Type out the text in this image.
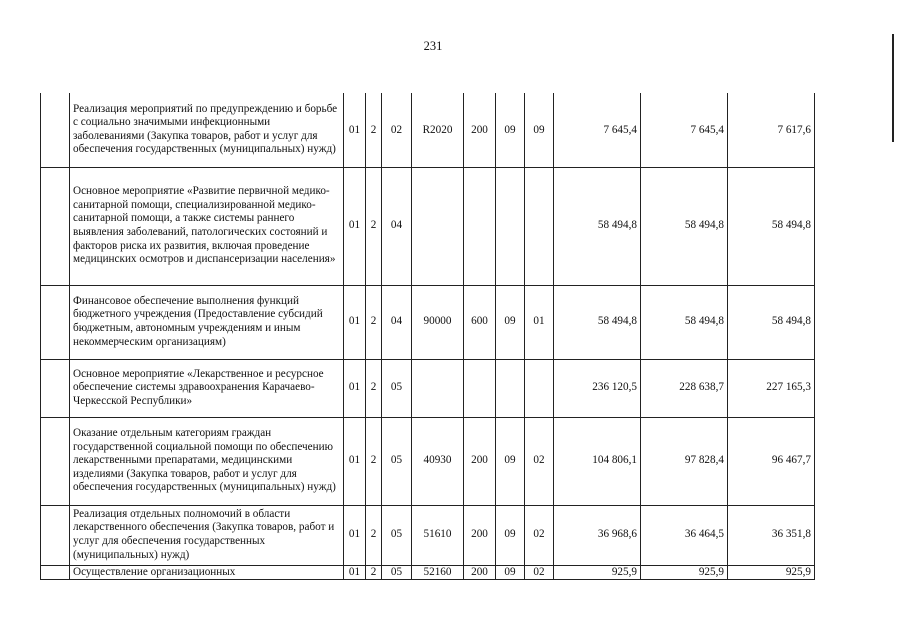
231
	Реализация мероприятий по предупреждению и борьбе с социально значимыми инфекционными заболеваниями (Закупка товаров, работ и услуг для обеспечения государственных (муниципальных) нужд)	01	2	02	R2020	200	09	09	7 645,4	7 645,4	7 617,6
	Основное мероприятие «Развитие первичной медико-санитарной помощи, специализированной медико-санитарной помощи, а также системы раннего выявления заболеваний, патологических состояний и факторов риска их развития, включая проведение медицинских осмотров и диспансеризации населения»	01	2	04					58 494,8	58 494,8	58 494,8
	Финансовое обеспечение выполнения функций бюджетного учреждения (Предоставление субсидий бюджетным, автономным учреждениям и иным некоммерческим организациям)	01	2	04	90000	600	09	01	58 494,8	58 494,8	58 494,8
	Основное мероприятие «Лекарственное и ресурсное обеспечение системы здравоохранения Карачаево-Черкесской Республики»	01	2	05					236 120,5	228 638,7	227 165,3
	Оказание отдельным категориям граждан государственной социальной помощи по обеспечению лекарственными препаратами, медицинскими изделиями (Закупка товаров, работ и услуг для обеспечения государственных (муниципальных) нужд)	01	2	05	40930	200	09	02	104 806,1	97 828,4	96 467,7
	Реализация отдельных полномочий в области лекарственного обеспечения (Закупка товаров, работ и услуг для обеспечения государственных (муниципальных) нужд)	01	2	05	51610	200	09	02	36 968,6	36 464,5	36 351,8
	Осуществление организационных	01	2	05	52160	200	09	02	925,9	925,9	925,9
